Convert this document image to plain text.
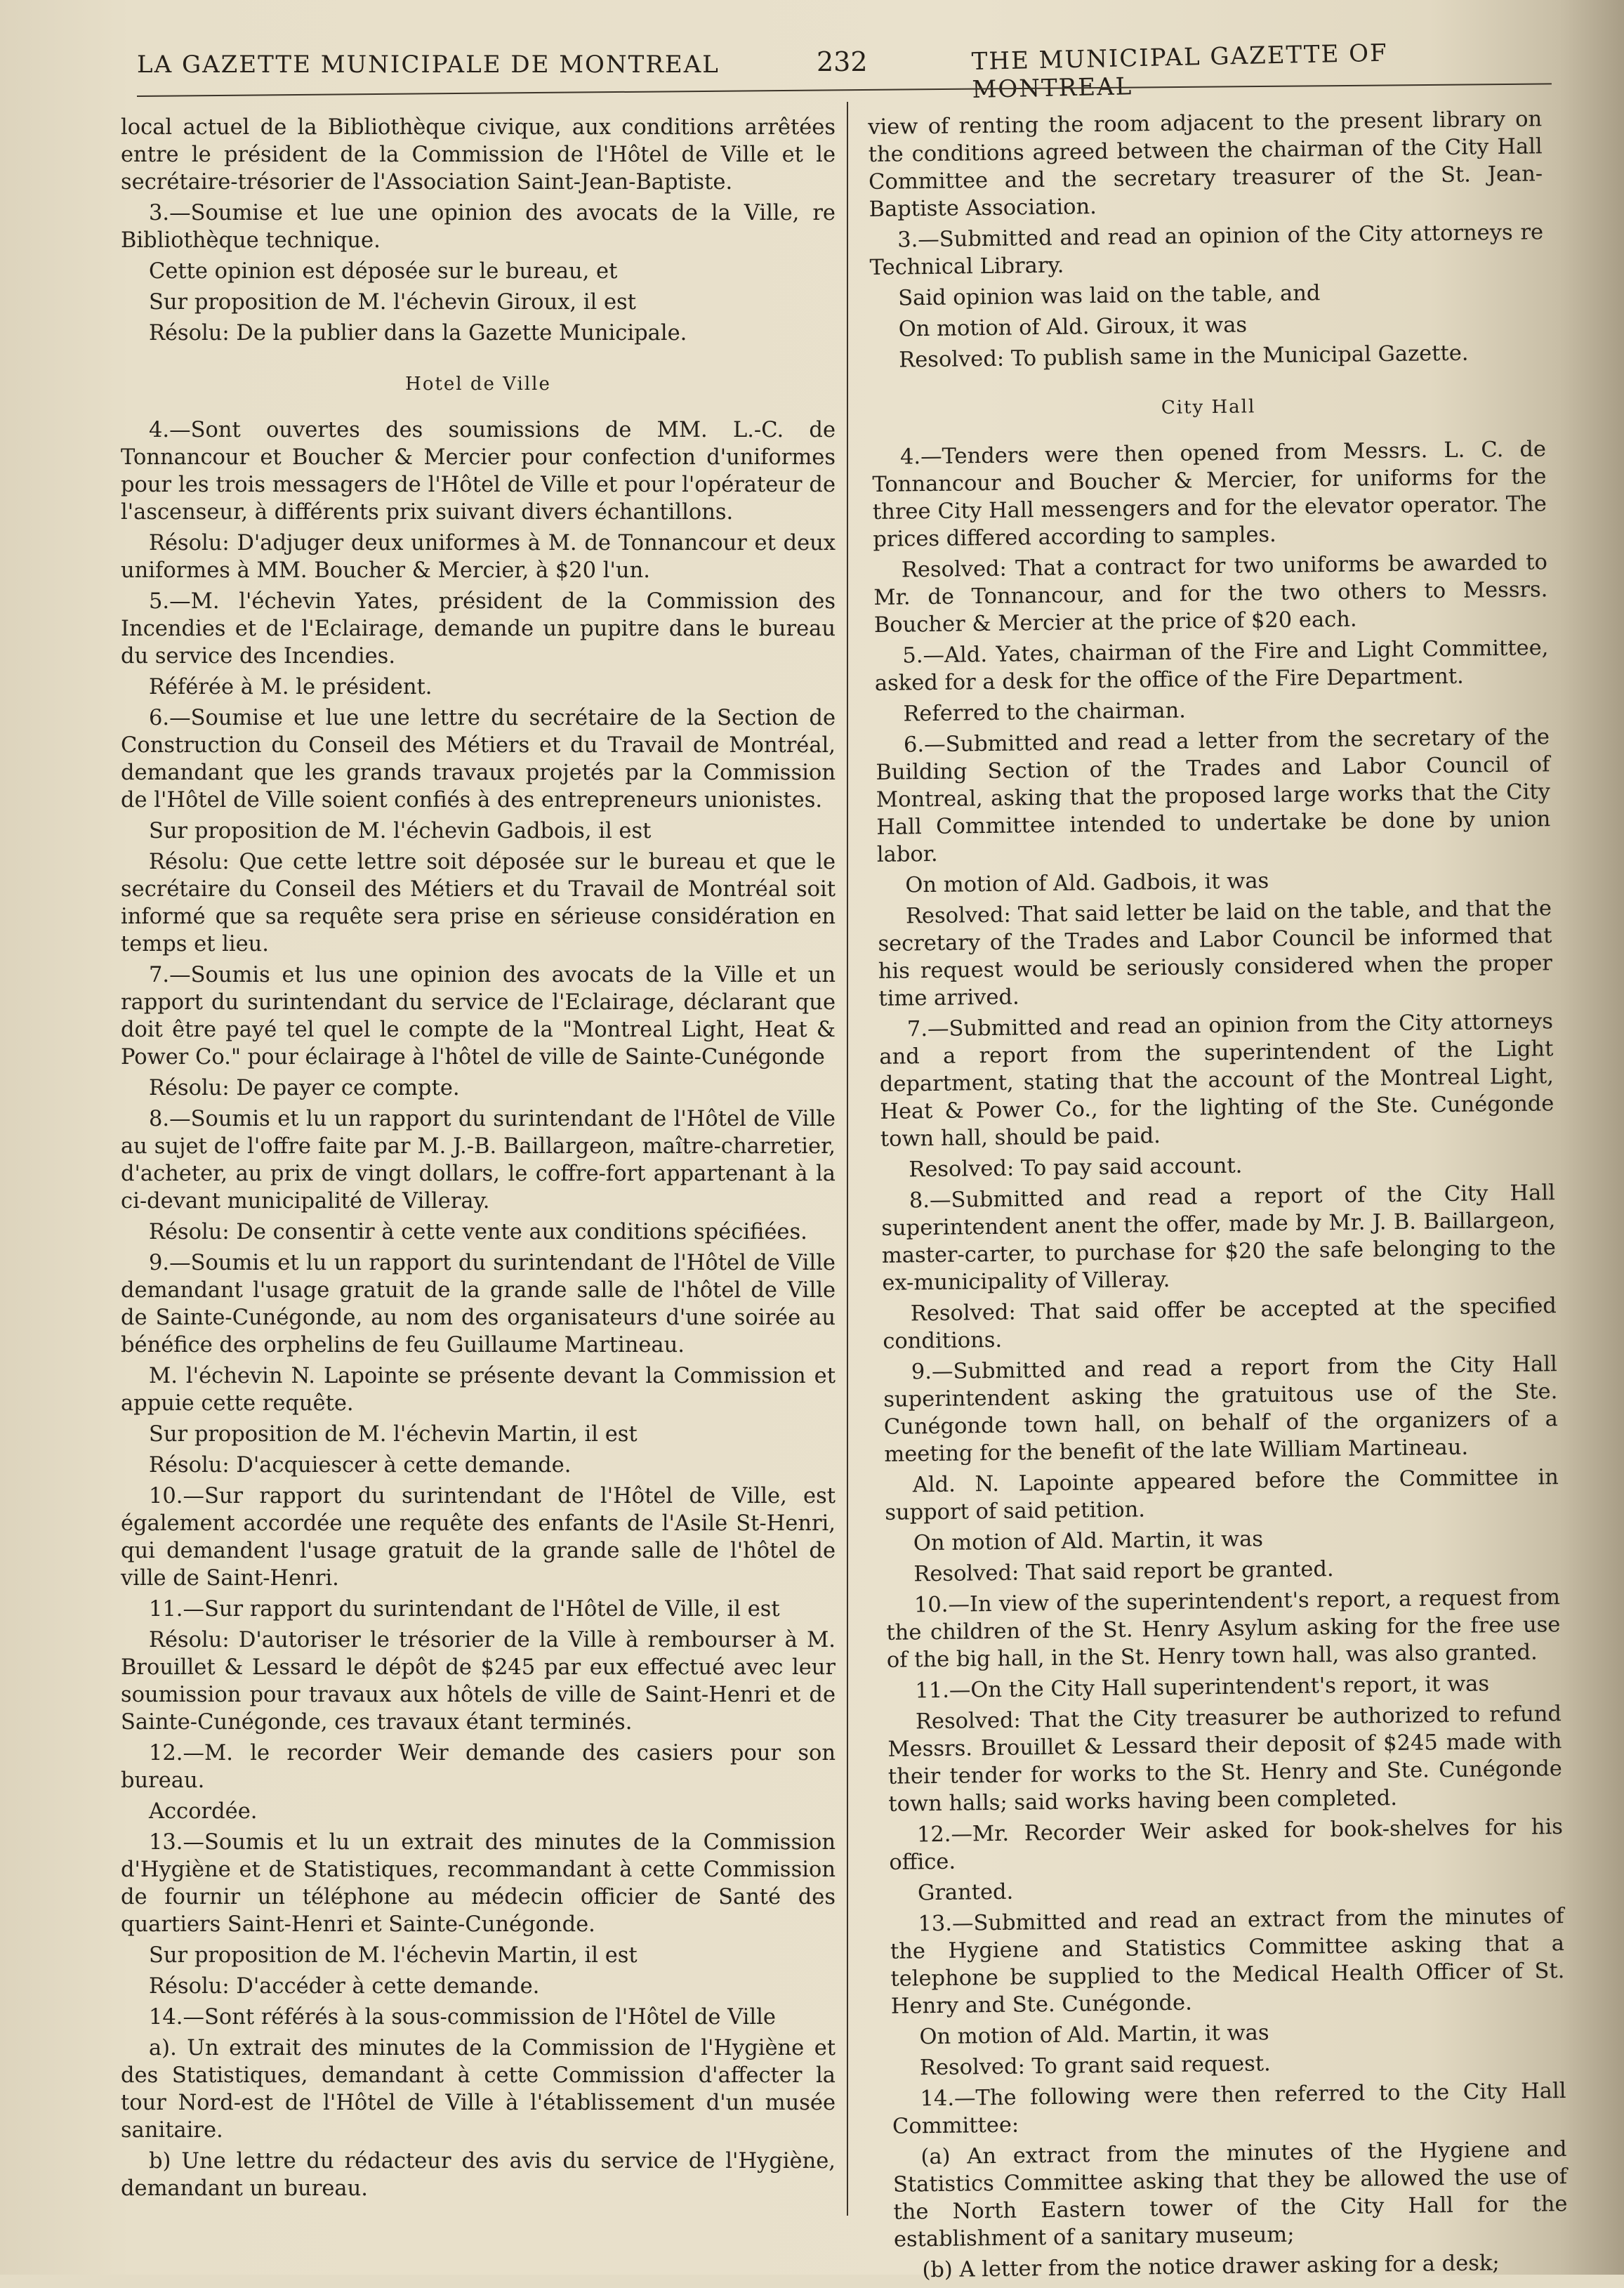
LA GAZETTE MUNICIPALE DE MONTREAL	232	THE MUNICIPAL GAZETTE OF

local actuel de la Bibliothèque civique, aux conditions arrêtées entre le président de la Commission de l'Hôtel de Ville et le secrétaire-trésorier de l'Association Saint-Jean-Baptiste.

3.—Soumise et lue une opinion des avocats de la Ville, re Bibliothèque technique.

Cette opinion est déposée sur le bureau, et

Sur proposition de M. l'échevin Giroux, il est

Résolu: De la publier dans la Gazette Municipale.

Hotel de Ville

4.—Sont ouvertes des soumissions de MM. L.-C. de Tonnancour et Boucher & Mercier pour confection d'uniformes pour les trois messagers de l'Hôtel de Ville et pour l'opérateur de l'ascenseur, à différents prix suivant divers échantillons.

Résolu: D'adjuger deux uniformes à M. de Tonnancour et deux uniformes à MM. Boucher & Mercier, à $20 l'un.

5.—M. l'échevin Yates, président de la Commission des Incendies et de l'Eclairage, demande un pupitre dans le bureau du service des Incendies.

Référée à M. le président.

6.—Soumise et lue une lettre du secrétaire de la Section de Construction du Conseil des Métiers et du Travail de Montréal, demandant que les grands travaux projetés par la Commission de l'Hôtel de Ville soient confiés à des entrepreneurs unionistes.

Sur proposition de M. l'échevin Gadbois, il est

Résolu: Que cette lettre soit déposée sur le bureau et que le secrétaire du Conseil des Métiers et du Travail de Montréal soit informé que sa requête sera prise en sérieuse considération en temps et lieu.

7.—Soumis et lus une opinion des avocats de la Ville et un rapport du surintendant du service de l'Eclairage, déclarant que doit être payé tel quel le compte de la "Montreal Light, Heat & Power Co." pour éclairage à l'hôtel de ville de Sainte-Cunégonde

Résolu: De payer ce compte.

8.—Soumis et lu un rapport du surintendant de l'Hôtel de Ville au sujet de l'offre faite par M. J.-B. Baillargeon, maître-charretier, d'acheter, au prix de vingt dollars, le coffre-fort appartenant à la ci-devant municipalité de Villeray.

Résolu: De consentir à cette vente aux conditions spécifiées.

9.—Soumis et lu un rapport du surintendant de l'Hôtel de Ville demandant l'usage gratuit de la grande salle de l'hôtel de Ville de Sainte-Cunégonde, au nom des organisateurs d'une soirée au bénéfice des orphelins de feu Guillaume Martineau.

M. l'échevin N. Lapointe se présente devant la Commission et appuie cette requête.

Sur proposition de M. l'échevin Martin, il est

Résolu: D'acquiescer à cette demande.

10.—Sur rapport du surintendant de l'Hôtel de Ville, est également accordée une requête des enfants de l'Asile St-Henri, qui demandent l'usage gratuit de la grande salle de l'hôtel de ville de Saint-Henri.

11.—Sur rapport du surintendant de l'Hôtel de Ville, il est

Résolu: D'autoriser le trésorier de la Ville à rembourser à M. Brouillet & Lessard le dépôt de $245 par eux effectué avec leur soumission pour travaux aux hôtels de ville de Saint-Henri et de Sainte-Cunégonde, ces travaux étant terminés.

12.—M. le recorder Weir demande des casiers pour son bureau.

Accordée.

13.—Soumis et lu un extrait des minutes de la Commission d'Hygiène et de Statistiques, recommandant à cette Commission de fournir un téléphone au médecin officier de Santé des quartiers Saint-Henri et Sainte-Cunégonde.

Sur proposition de M. l'échevin Martin, il est

Résolu: D'accéder à cette demande.

14.—Sont référés à la sous-commission de l'Hôtel de Ville

a). Un extrait des minutes de la Commission de l'Hygiène et des Statistiques, demandant à cette Commission d'affecter la tour Nord-est de l'Hôtel de Ville à l'établissement d'un musée sanitaire.

b) Une lettre du rédacteur des avis du service de l'Hygiène, demandant un bureau.

view of renting the room adjacent to the present library on the conditions agreed between the chairman of the City Hall Committee and the secretary treasurer of the St. Jean-Baptiste Association.

3.—Submitted and read an opinion of the City attorneys re Technical Library.

Said opinion was laid on the table, and

On motion of Ald. Giroux, it was

Resolved: To publish same in the Municipal Gazette.

City Hall

4.—Tenders were then opened from Messrs. L. C. de Tonnancour and Boucher & Mercier, for uniforms for the three City Hall messengers and for the elevator operator. The prices differed according to samples.

Resolved: That a contract for two uniforms be awarded to Mr. de Tonnancour, and for the two others to Messrs. Boucher & Mercier at the price of $20 each.

5.—Ald. Yates, chairman of the Fire and Light Committee, asked for a desk for the office of the Fire Department.

Referred to the chairman.

6.—Submitted and read a letter from the secretary of the Building Section of the Trades and Labor Council of Montreal, asking that the proposed large works that the City Hall Committee intended to undertake be done by union labor.

On motion of Ald. Gadbois, it was

Resolved: That said letter be laid on the table, and that the secretary of the Trades and Labor Council be informed that his request would be seriously considered when the proper time arrived.

7.—Submitted and read an opinion from the City attorneys and a report from the superintendent of the Light department, stating that the account of the Montreal Light, Heat & Power Co., for the lighting of the Ste. Cunégonde town hall, should be paid.

Resolved: To pay said account.

8.—Submitted and read a report of the City Hall superintendent anent the offer, made by Mr. J. B. Baillargeon, master-carter, to purchase for $20 the safe belonging to the ex-municipality of Villeray.

Resolved: That said offer be accepted at the specified conditions.

9.—Submitted and read a report from the City Hall superintendent asking the gratuitous use of the Ste. Cunégonde town hall, on behalf of the organizers of a meeting for the benefit of the late William Martineau.

Ald. N. Lapointe appeared before the Committee in support of said petition.

On motion of Ald. Martin, it was

Resolved: That said report be granted.

10.—In view of the superintendent's report, a request from the children of the St. Henry Asylum asking for the free use of the big hall, in the St. Henry town hall, was also granted.

11.—On the City Hall superintendent's report, it was

Resolved: That the City treasurer be authorized to refund Messrs. Brouillet & Lessard their deposit of $245 made with their tender for works to the St. Henry and Ste. Cunégonde town halls; said works having been completed.

12.—Mr. Recorder Weir asked for book-shelves for his office.

Granted.

13.—Submitted and read an extract from the minutes of the Hygiene and Statistics Committee asking that a telephone be supplied to the Medical Health Officer of St. Henry and Ste. Cunégonde.

On motion of Ald. Martin, it was

Resolved: To grant said request.

14.—The following were then referred to the City Hall Committee:

(a) An extract from the minutes of the Hygiene and Statistics Committee asking that they be allowed the use of the North Eastern tower of the City Hall for the establishment of a sanitary museum;

(b) A letter from the notice drawer asking for a desk;
